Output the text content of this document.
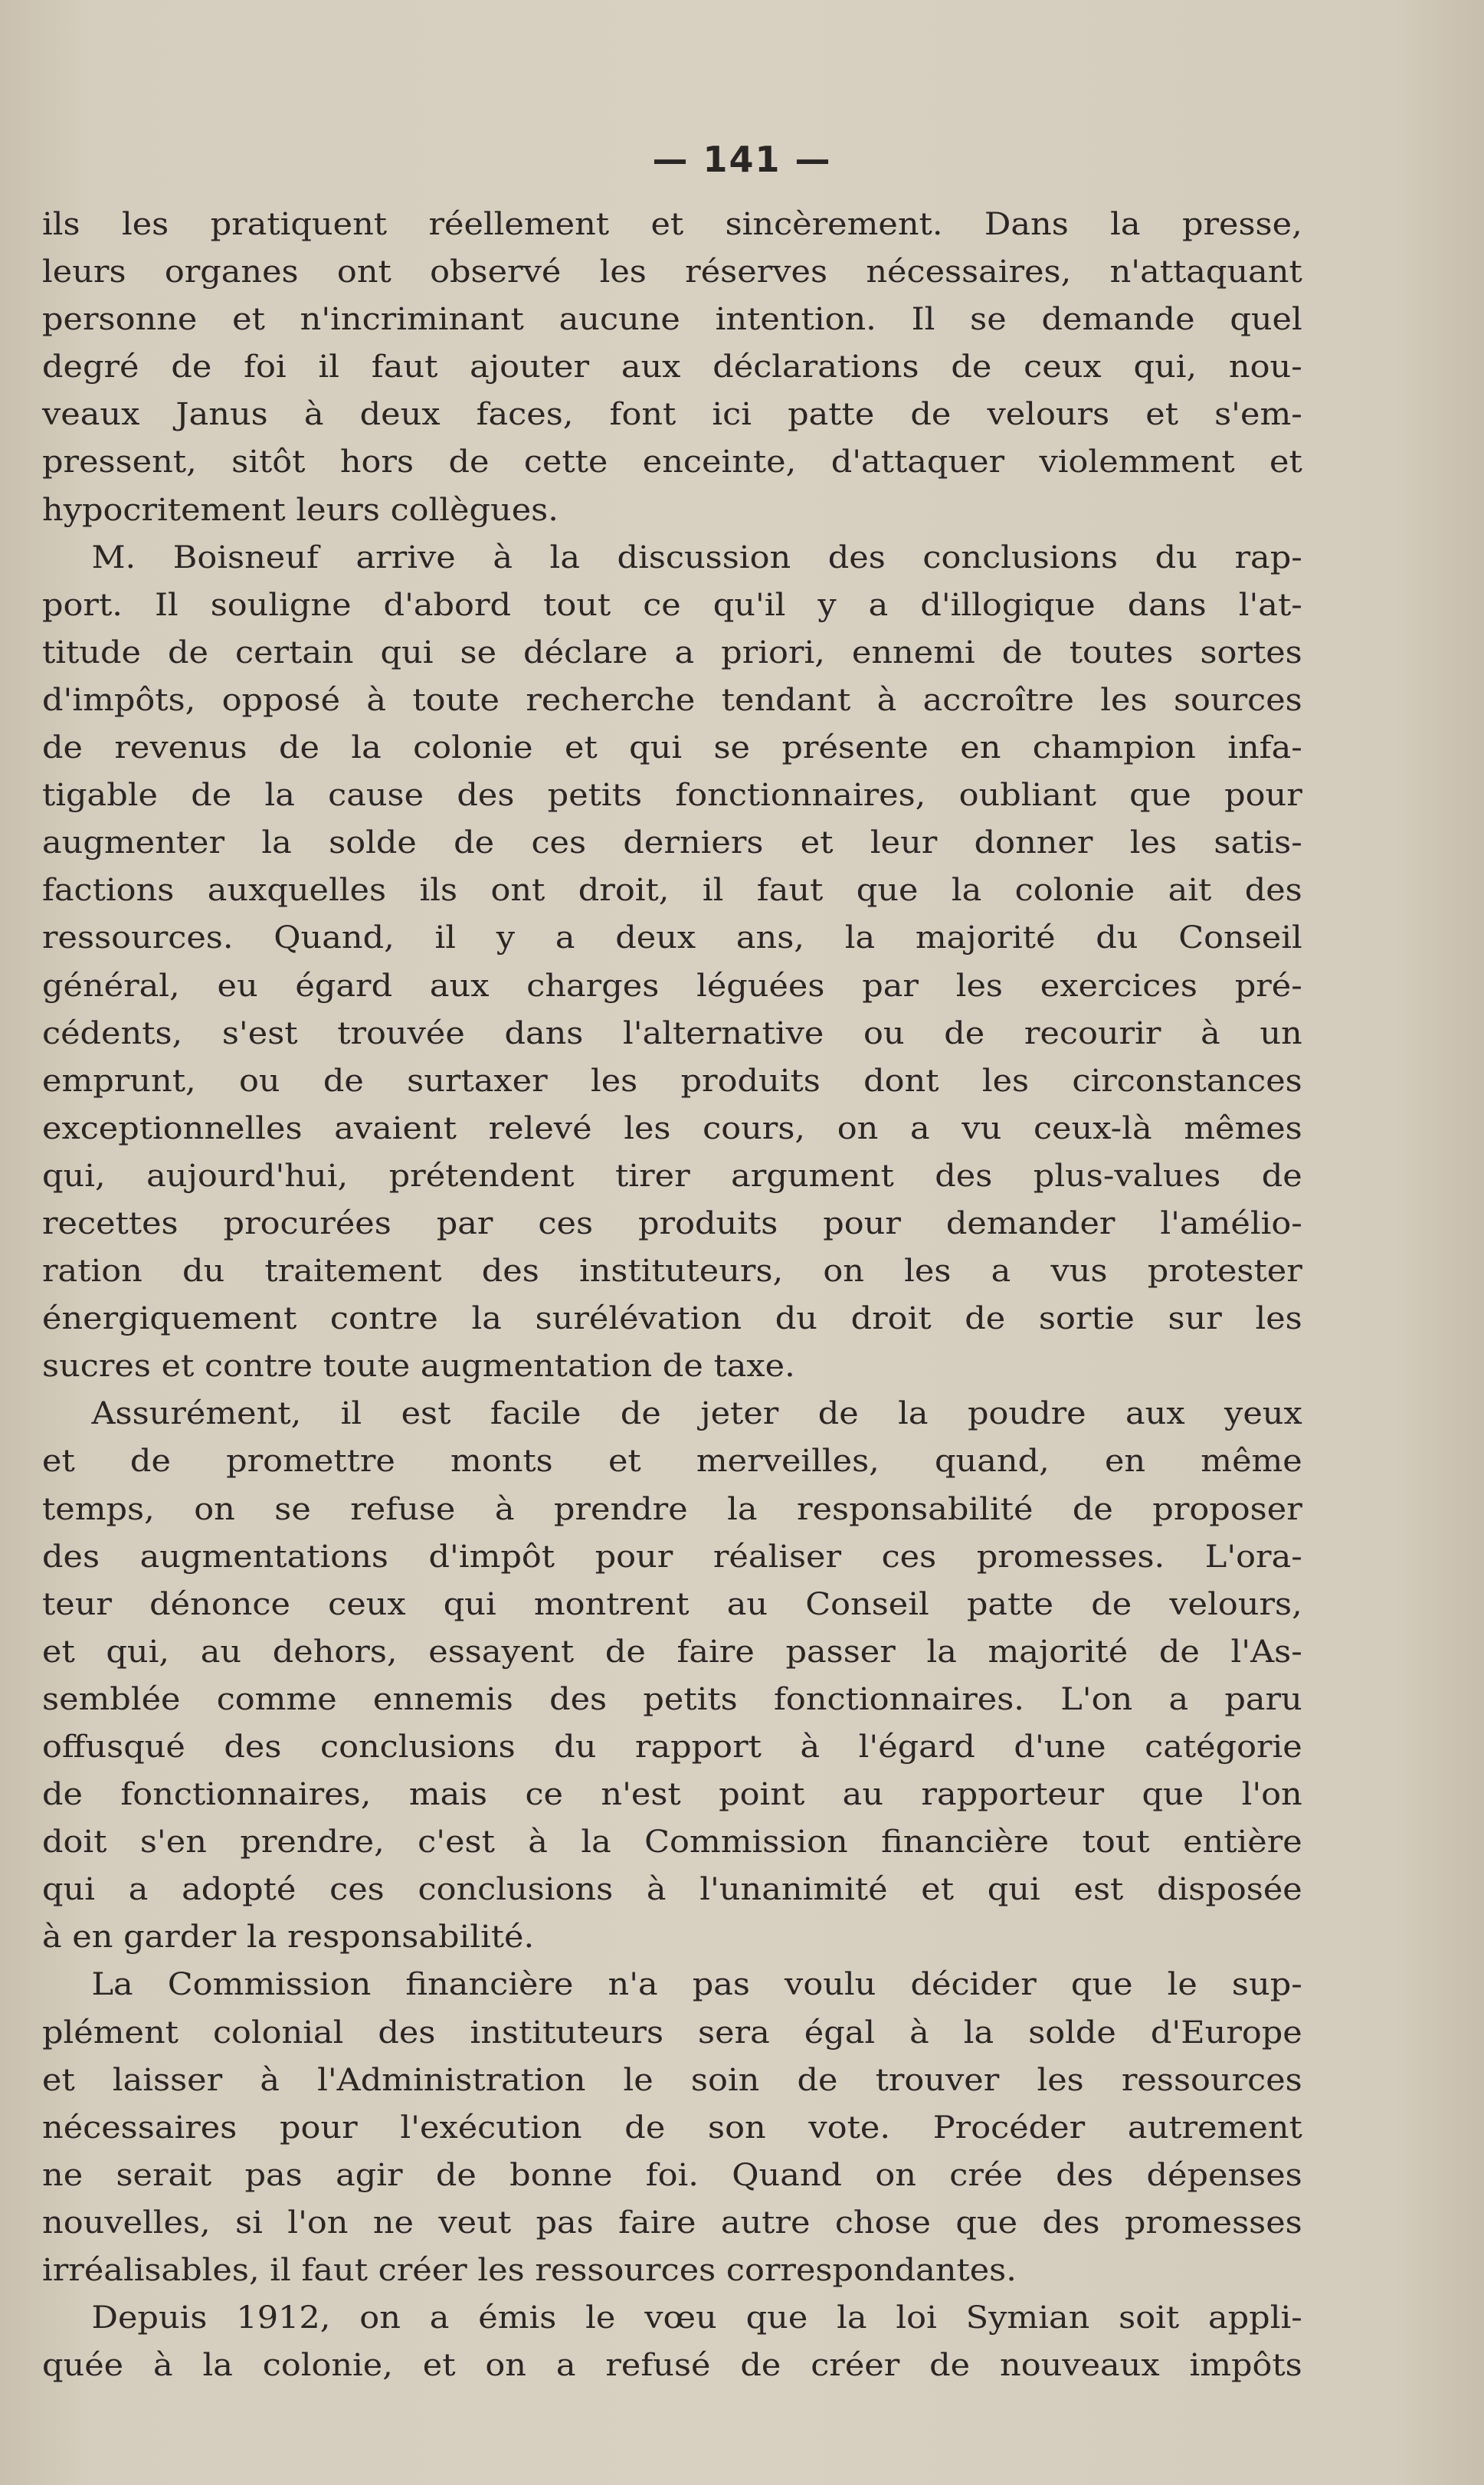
— 141 —
ils les pratiquent réellement et sincèrement. Dans la presse,
leurs organes ont observé les réserves nécessaires, n'attaquant
personne et n'incriminant aucune intention. Il se demande quel
degré de foi il faut ajouter aux déclarations de ceux qui, nou-
veaux Janus à deux faces, font ici patte de velours et s'em-
pressent, sitôt hors de cette enceinte, d'attaquer violemment et
hypocritement leurs collègues.
M. Boisneuf arrive à la discussion des conclusions du rap-
port. Il souligne d'abord tout ce qu'il y a d'illogique dans l'at-
titude de certain qui se déclare a priori, ennemi de toutes sortes
d'impôts, opposé à toute recherche tendant à accroître les sources
de revenus de la colonie et qui se présente en champion infa-
tigable de la cause des petits fonctionnaires, oubliant que pour
augmenter la solde de ces derniers et leur donner les satis-
factions auxquelles ils ont droit, il faut que la colonie ait des
ressources. Quand, il y a deux ans, la majorité du Conseil
général, eu égard aux charges léguées par les exercices pré-
cédents, s'est trouvée dans l'alternative ou de recourir à un
emprunt, ou de surtaxer les produits dont les circonstances
exceptionnelles avaient relevé les cours, on a vu ceux-là mêmes
qui, aujourd'hui, prétendent tirer argument des plus-values de
recettes procurées par ces produits pour demander l'amélio-
ration du traitement des instituteurs, on les a vus protester
énergiquement contre la surélévation du droit de sortie sur les
sucres et contre toute augmentation de taxe.
Assurément, il est facile de jeter de la poudre aux yeux
et de promettre monts et merveilles, quand, en même
temps, on se refuse à prendre la responsabilité de proposer
des augmentations d'impôt pour réaliser ces promesses. L'ora-
teur dénonce ceux qui montrent au Conseil patte de velours,
et qui, au dehors, essayent de faire passer la majorité de l'As-
semblée comme ennemis des petits fonctionnaires. L'on a paru
offusqué des conclusions du rapport à l'égard d'une catégorie
de fonctionnaires, mais ce n'est point au rapporteur que l'on
doit s'en prendre, c'est à la Commission financière tout entière
qui a adopté ces conclusions à l'unanimité et qui est disposée
à en garder la responsabilité.
La Commission financière n'a pas voulu décider que le sup-
plément colonial des instituteurs sera égal à la solde d'Europe
et laisser à l'Administration le soin de trouver les ressources
nécessaires pour l'exécution de son vote. Procéder autrement
ne serait pas agir de bonne foi. Quand on crée des dépenses
nouvelles, si l'on ne veut pas faire autre chose que des promesses
irréalisables, il faut créer les ressources correspondantes.
Depuis 1912, on a émis le vœu que la loi Symian soit appli-
quée à la colonie, et on a refusé de créer de nouveaux impôts
